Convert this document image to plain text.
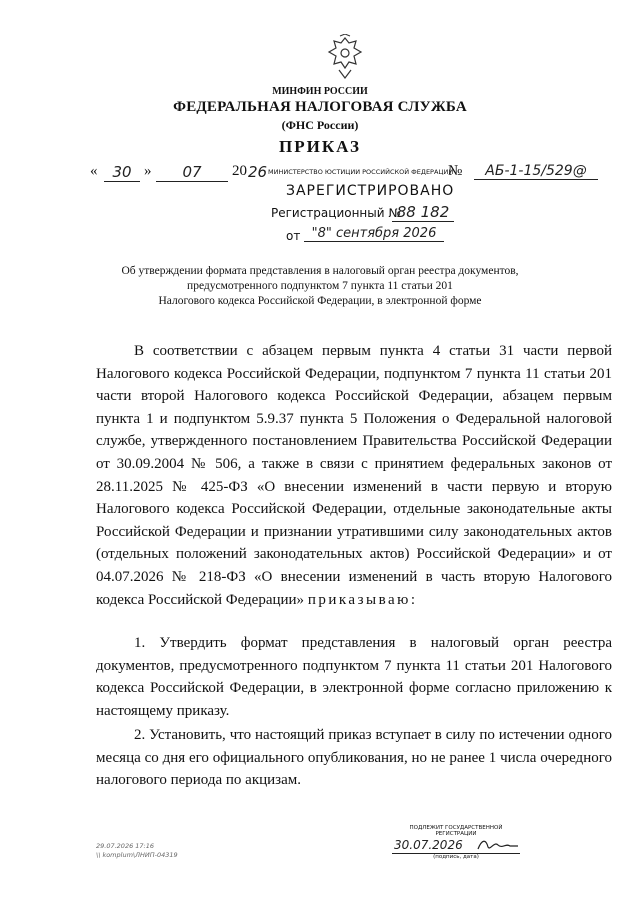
МИНФИН РОССИИ
ФЕДЕРАЛЬНАЯ НАЛОГОВАЯ СЛУЖБА
(ФНС России)
ПРИКАЗ
« 30 »	07	20 26 МИНИСТЕРСТВО ЮСТИЦИИ РОССИЙСКОЙ ФЕДЕРАЦИИ
№	АБ-1-15/529@
ЗАРЕГИСТРИРОВАНО
Регистрационный №
88 182
от "8" сентября 2026
Об утверждении формата представления в налоговый орган реестра документов,
предусмотренного подпунктом 7 пункта 11 статьи 201
Налогового кодекса Российской Федерации, в электронной форме

В соответствии с абзацем первым пункта 4 статьи 31 части первой Налогового кодекса Российской Федерации, подпунктом 7 пункта 11 статьи 201 части второй Налогового кодекса Российской Федерации, абзацем первым пункта 1 и подпунктом 5.9.37 пункта 5 Положения о Федеральной налоговой службе, утвержденного постановлением Правительства Российской Федерации от 30.09.2004 № 506, а также в связи с принятием федеральных законов от 28.11.2025 № 425-ФЗ «О внесении изменений в части первую и вторую Налогового кодекса Российской Федерации, отдельные законодательные акты Российской Федерации и признании утратившими силу законодательных актов (отдельных положений законодательных актов) Российской Федерации» и от 04.07.2026 № 218-ФЗ «О внесении изменений в часть вторую Налогового кодекса Российской Федерации» приказываю:

1. Утвердить формат представления в налоговый орган реестра документов, предусмотренного подпунктом 7 пункта 11 статьи 201 Налогового кодекса Российской Федерации, в электронной форме согласно приложению к настоящему приказу.

2. Установить, что настоящий приказ вступает в силу по истечении одного месяца со дня его официального опубликования, но не ранее 1 числа очередного налогового периода по акцизам.

29.07.2026 17:16
\\ komplum\ЛНИП-04319
ПОДЛЕЖИТ ГОСУДАРСТВЕННОЙ
РЕГИСТРАЦИИ
30.07.2026
(подпись, дата)
